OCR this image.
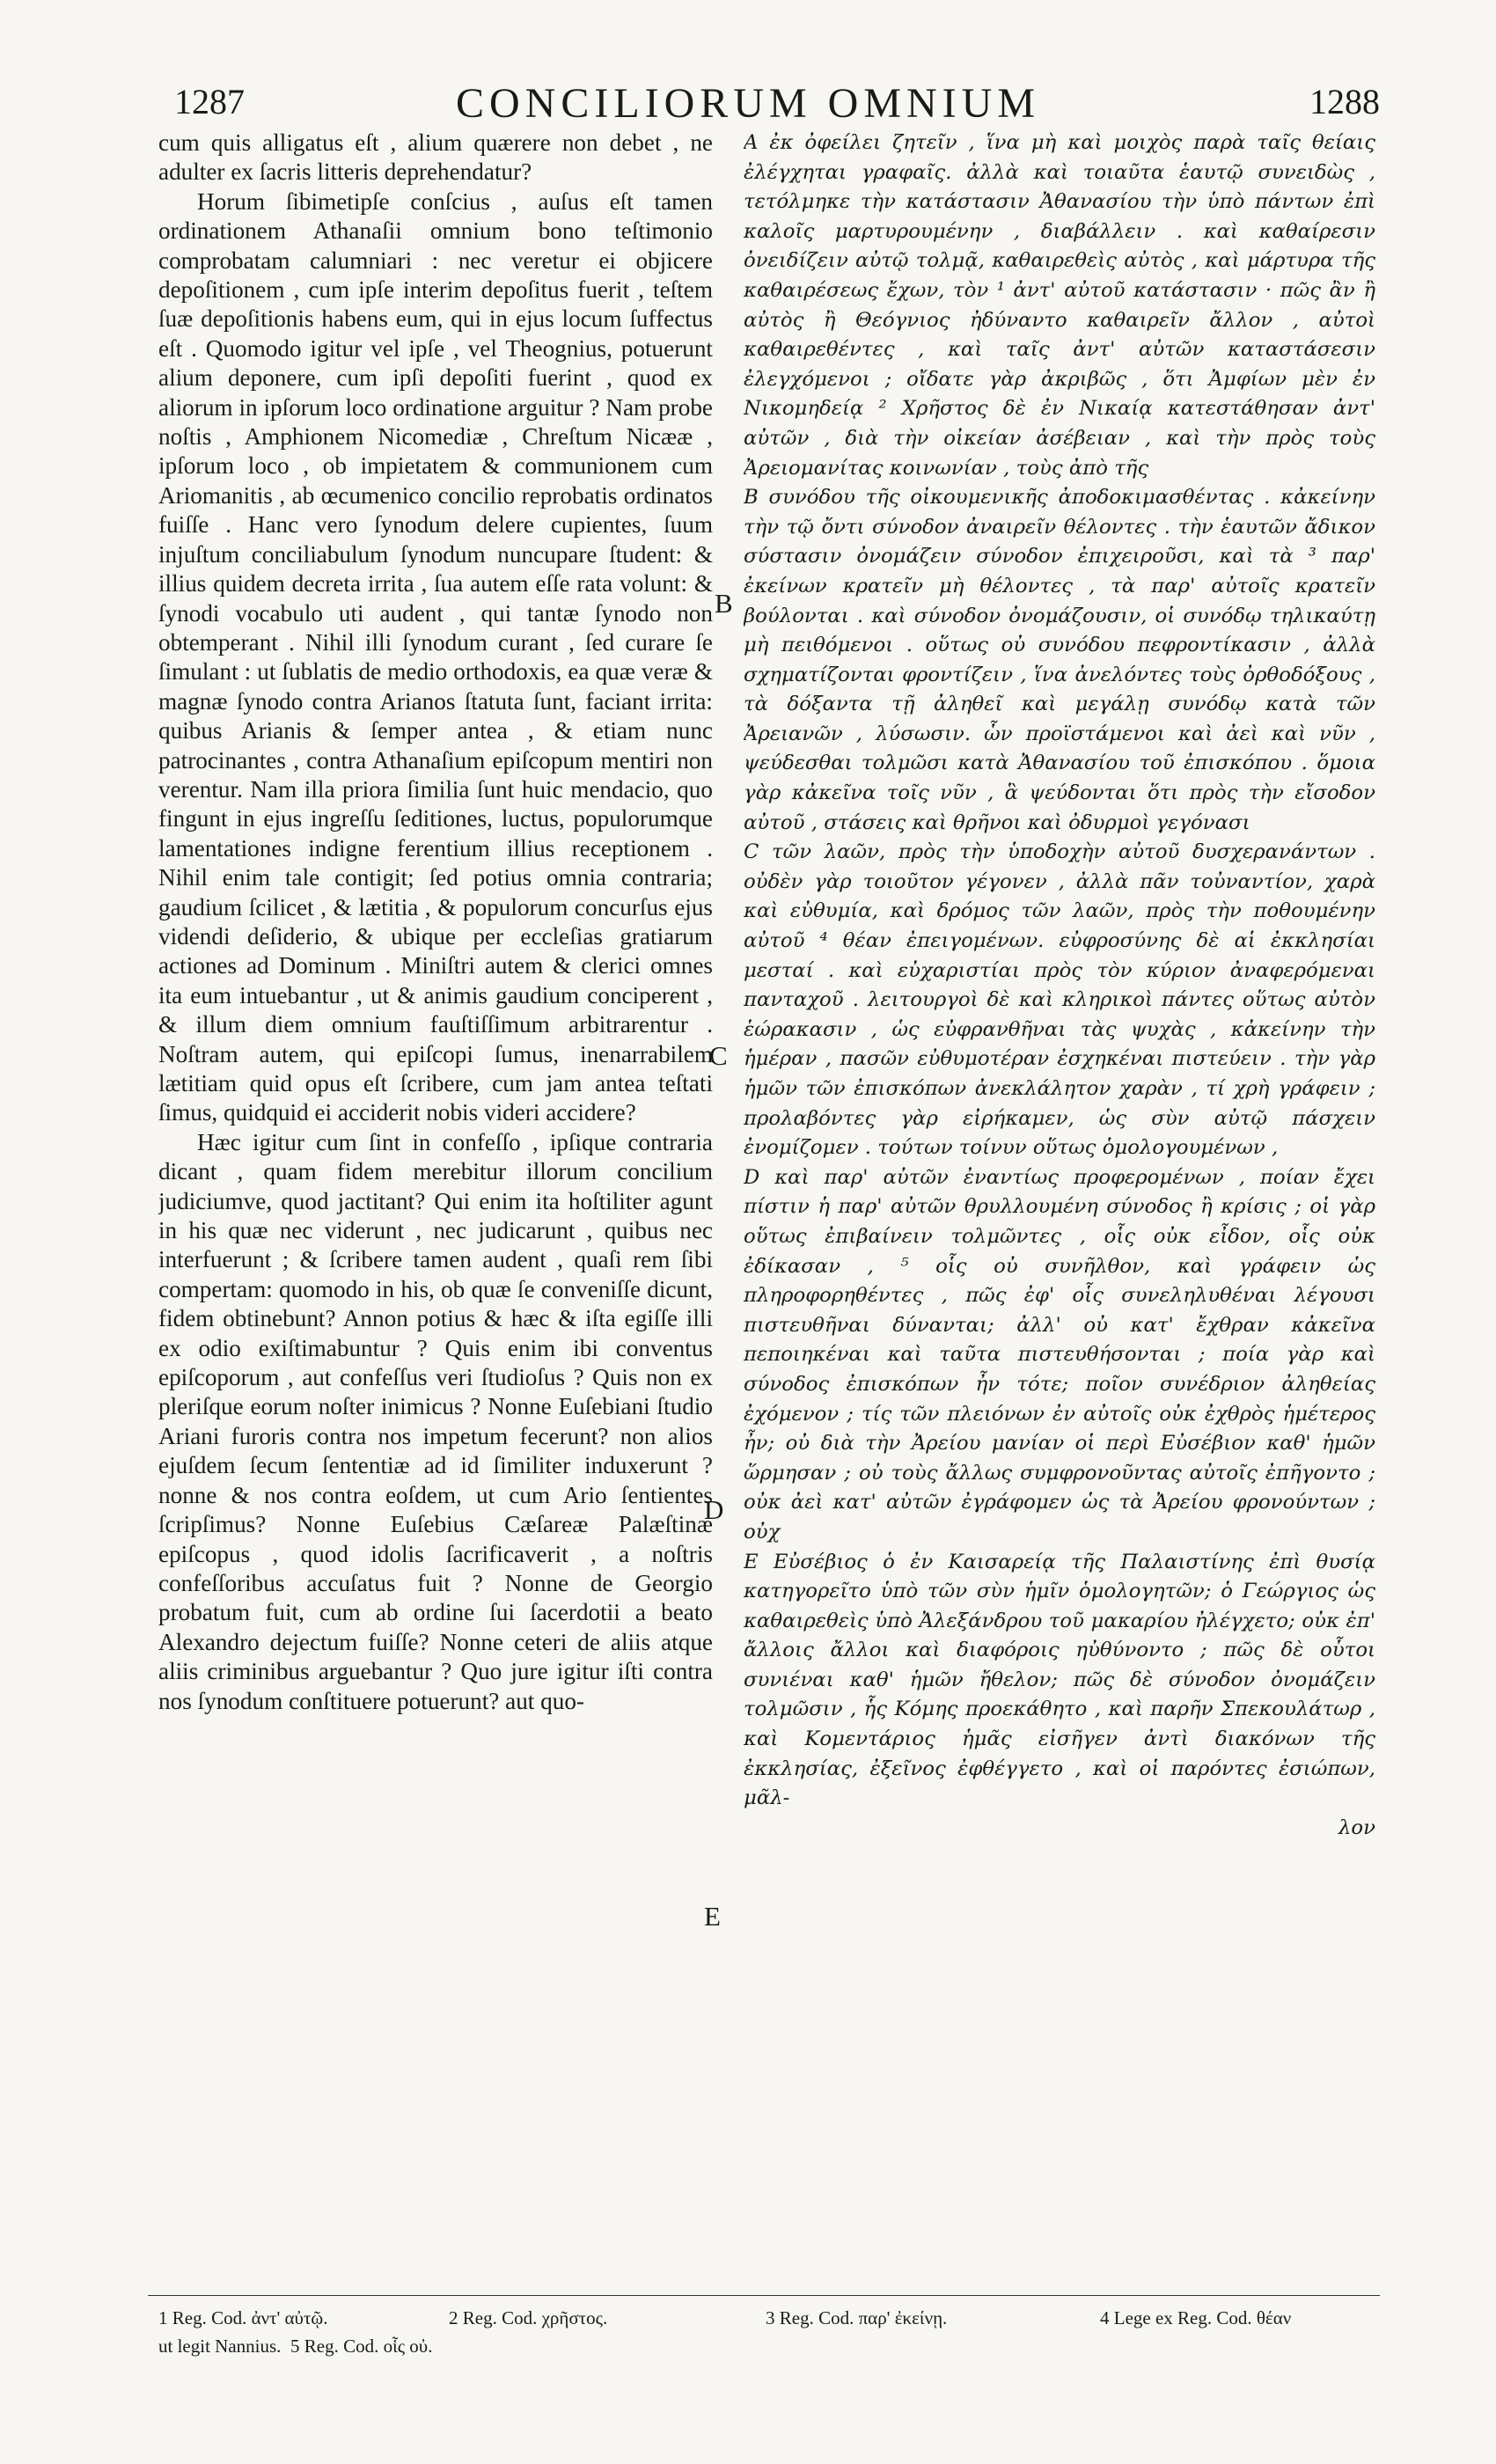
1287	CONCILIORUM OMNIUM	1288

cum quis alligatus eſt , alium quærere non debet , ne adulter ex ſacris litteris deprehendatur?

Horum ſibimetipſe conſcius , auſus eſt tamen ordinationem Athanaſii omnium bono teſtimonio comprobatam calumniari : nec veretur ei objicere depoſitionem , cum ipſe interim depoſitus fuerit , teſtem ſuæ depoſitionis habens eum, qui in ejus locum ſuffectus eſt . Quomodo igitur vel ipſe , vel Theognius, potuerunt alium deponere, cum ipſi depoſiti fuerint , quod ex aliorum in ipſorum loco ordinatione arguitur ? Nam probe noſtis , Amphionem Nicomediæ , Chreſtum Nicææ , ipſorum loco , ob impietatem & communionem cum Ariomanitis , ab œcumenico concilio reprobatis ordinatos fuiſſe . Hanc vero ſynodum delere cupientes, ſuum injuſtum conciliabulum ſynodum nuncupare ſtudent: & illius quidem decreta irrita , ſua autem eſſe rata volunt: & ſynodi vocabulo uti audent , qui tantæ ſynodo non obtemperant . Nihil illi ſynodum curant , ſed curare ſe ſimulant : ut ſublatis de medio orthodoxis, ea quæ veræ & magnæ ſynodo contra Arianos ſtatuta ſunt, faciant irrita: quibus Arianis & ſemper antea , & etiam nunc patrocinantes , contra Athanaſium epiſcopum mentiri non verentur. Nam illa priora ſimilia ſunt huic mendacio, quo fingunt in ejus ingreſſu ſeditiones, luctus, populorumque lamentationes indigne ferentium illius receptionem . Nihil enim tale contigit; ſed potius omnia contraria; gaudium ſcilicet , & lætitia , & populorum concurſus ejus videndi deſiderio, & ubique per eccleſias gratiarum actiones ad Dominum . Miniſtri autem & clerici omnes ita eum intuebantur , ut & animis gaudium conciperent , & illum diem omnium fauſtiſſimum arbitrarentur . Noſtram autem, qui epiſcopi ſumus, inenarrabilem lætitiam quid opus eſt ſcribere, cum jam antea teſtati ſimus, quidquid ei acciderit nobis videri accidere?

Hæc igitur cum ſint in confeſſo , ipſique contraria dicant , quam fidem merebitur illorum concilium judiciumve, quod jactitant? Qui enim ita hoſtiliter agunt in his quæ nec viderunt , nec judicarunt , quibus nec interfuerunt ; & ſcribere tamen audent , quaſi rem ſibi compertam: quomodo in his, ob quæ ſe conveniſſe dicunt, fidem obtinebunt? Annon potius & hæc & iſta egiſſe illi ex odio exiſtimabuntur ? Quis enim ibi conventus epiſcoporum , aut confeſſus veri ſtudioſus ? Quis non ex pleriſque eorum noſter inimicus ? Nonne Euſebiani ſtudio Ariani furoris contra nos impetum fecerunt? non alios ejuſdem ſecum ſententiæ ad id ſimiliter induxerunt ? nonne & nos contra eoſdem, ut cum Ario ſentientes ſcripſimus? Nonne Euſebius Cæſareæ Palæſtinæ epiſcopus , quod idolis ſacrificaverit , a noſtris confeſſoribus accuſatus fuit ? Nonne de Georgio probatum fuit, cum ab ordine ſui ſacerdotii a beato Alexandro dejectum fuiſſe? Nonne ceteri de aliis atque aliis criminibus arguebantur ? Quo jure igitur iſti contra nos ſynodum conſtituere potuerunt? aut quo-

A ἐκ ὀφείλει ζητεῖν , ἵνα μὴ καὶ μοιχὸς παρὰ ταῖς θείαις ἐλέγχηται γραφαῖς. ἀλλὰ καὶ τοιαῦτα ἑαυτῷ συνειδὼς , τετόλμηκε τὴν κατάστασιν Ἀθανασίου τὴν ὑπὸ πάντων ἐπὶ καλοῖς μαρτυρουμένην , διαβάλλειν . καὶ καθαίρεσιν ὀνειδίζειν αὐτῷ τολμᾷ, καθαιρεθεὶς αὐτὸς , καὶ μάρτυρα τῆς καθαιρέσεως ἔχων, τὸν ¹ ἀντ' αὐτοῦ κατάστασιν · πῶς ἂν ἢ αὐτὸς ἢ Θεόγνιος ἠδύναντο καθαιρεῖν ἄλλον , αὐτοὶ καθαιρεθέντες , καὶ ταῖς ἀντ' αὐτῶν καταστάσεσιν ἐλεγχόμενοι ; οἴδατε γὰρ ἀκριβῶς , ὅτι Ἀμφίων μὲν ἐν Νικομηδείᾳ ² Χρῆστος δὲ ἐν Νικαίᾳ κατεστάθησαν ἀντ' αὐτῶν , διὰ τὴν οἰκείαν ἀσέβειαν , καὶ τὴν πρὸς τοὺς Ἀρειομανίτας κοινωνίαν , τοὺς ἀπὸ τῆς

B συνόδου τῆς οἰκουμενικῆς ἀποδοκιμασθέντας . κἀκείνην τὴν τῷ ὄντι σύνοδον ἀναιρεῖν θέλοντες . τὴν ἑαυτῶν ἄδικον σύστασιν ὀνομάζειν σύνοδον ἐπιχειροῦσι, καὶ τὰ ³ παρ' ἐκείνων κρατεῖν μὴ θέλοντες , τὰ παρ' αὐτοῖς κρατεῖν βούλονται . καὶ σύνοδον ὀνομάζουσιν, οἱ συνόδῳ τηλικαύτῃ μὴ πειθόμενοι . οὕτως οὐ συνόδου πεφροντίκασιν , ἀλλὰ σχηματίζονται φροντίζειν , ἵνα ἀνελόντες τοὺς ὀρθοδόξους , τὰ δόξαντα τῇ ἀληθεῖ καὶ μεγάλῃ συνόδῳ κατὰ τῶν Ἀρειανῶν , λύσωσιν. ὧν προϊστάμενοι καὶ ἀεὶ καὶ νῦν , ψεύδεσθαι τολμῶσι κατὰ Ἀθανασίου τοῦ ἐπισκόπου . ὅμοια γὰρ κἀκεῖνα τοῖς νῦν , ἃ ψεύδονται ὅτι πρὸς τὴν εἴσοδον αὐτοῦ , στάσεις καὶ θρῆνοι καὶ ὀδυρμοὶ γεγόνασι

C τῶν λαῶν, πρὸς τὴν ὑποδοχὴν αὐτοῦ δυσχερανάντων . οὐδὲν γὰρ τοιοῦτον γέγονεν , ἀλλὰ πᾶν τοὐναντίον, χαρὰ καὶ εὐθυμία, καὶ δρόμος τῶν λαῶν, πρὸς τὴν ποθουμένην αὐτοῦ ⁴ θέαν ἐπειγομένων. εὐφροσύνης δὲ αἱ ἐκκλησίαι μεσταί . καὶ εὐχαριστίαι πρὸς τὸν κύριον ἀναφερόμεναι πανταχοῦ . λειτουργοὶ δὲ καὶ κληρικοὶ πάντες οὕτως αὐτὸν ἑώρακασιν , ὡς εὐφρανθῆναι τὰς ψυχὰς , κἀκείνην τὴν ἡμέραν , πασῶν εὐθυμοτέραν ἐσχηκέναι πιστεύειν . τὴν γὰρ ἡμῶν τῶν ἐπισκόπων ἀνεκλάλητον χαρὰν , τί χρὴ γράφειν ; προλαβόντες γὰρ εἰρήκαμεν, ὡς σὺν αὐτῷ πάσχειν ἐνομίζομεν . τούτων τοίνυν οὕτως ὁμολογουμένων ,

D καὶ παρ' αὐτῶν ἐναντίως προφερομένων , ποίαν ἔχει πίστιν ἡ παρ' αὐτῶν θρυλλουμένη σύνοδος ἢ κρίσις ; οἱ γὰρ οὕτως ἐπιβαίνειν τολμῶντες , οἷς οὐκ εἶδον, οἷς οὐκ ἐδίκασαν , ⁵ οἷς οὐ συνῆλθον, καὶ γράφειν ὡς πληροφορηθέντες , πῶς ἐφ' οἷς συνεληλυθέναι λέγουσι πιστευθῆναι δύνανται; ἀλλ' οὐ κατ' ἔχθραν κἀκεῖνα πεποιηκέναι καὶ ταῦτα πιστευθήσονται ; ποία γὰρ καὶ σύνοδος ἐπισκόπων ἦν τότε; ποῖον συνέδριον ἀληθείας ἐχόμενον ; τίς τῶν πλειόνων ἐν αὐτοῖς οὐκ ἐχθρὸς ἡμέτερος ἦν; οὐ διὰ τὴν Ἀρείου μανίαν οἱ περὶ Εὐσέβιον καθ' ἡμῶν ὥρμησαν ; οὐ τοὺς ἄλλως συμφρονοῦντας αὐτοῖς ἐπῆγοντο ; οὐκ ἀεὶ κατ' αὐτῶν ἐγράφομεν ὡς τὰ Ἀρείου φρονούντων ; οὐχ

E Εὐσέβιος ὁ ἐν Καισαρείᾳ τῆς Παλαιστίνης ἐπὶ θυσίᾳ κατηγορεῖτο ὑπὸ τῶν σὺν ἡμῖν ὁμολογητῶν; ὁ Γεώργιος ὡς καθαιρεθεὶς ὑπὸ Ἀλεξάνδρου τοῦ μακαρίου ἠλέγχετο; οὐκ ἐπ' ἄλλοις ἄλλοι καὶ διαφόροις ηὐθύνοντο ; πῶς δὲ οὗτοι συνιέναι καθ' ἡμῶν ἤθελον; πῶς δὲ σύνοδον ὀνομάζειν τολμῶσιν , ἧς Κόμης προεκάθητο , καὶ παρῆν Σπεκουλάτωρ , καὶ Κομεντάριος ἡμᾶς εἰσῆγεν ἀντὶ διακόνων τῆς ἐκκλησίας, ἐξεῖνος ἐφθέγγετο , καὶ οἱ παρόντες ἐσιώπων, μᾶλ-

λον

B
C
D
E
1 Reg. Cod. ἀντ' αὐτῷ.	2 Reg. Cod. χρῆστος.	3 Reg. Cod. παρ' ἐκείνῃ.	4 Lege ex Reg. Cod. θέαν
ut legit Nannius. 5 Reg. Cod. οἷς οὐ.
